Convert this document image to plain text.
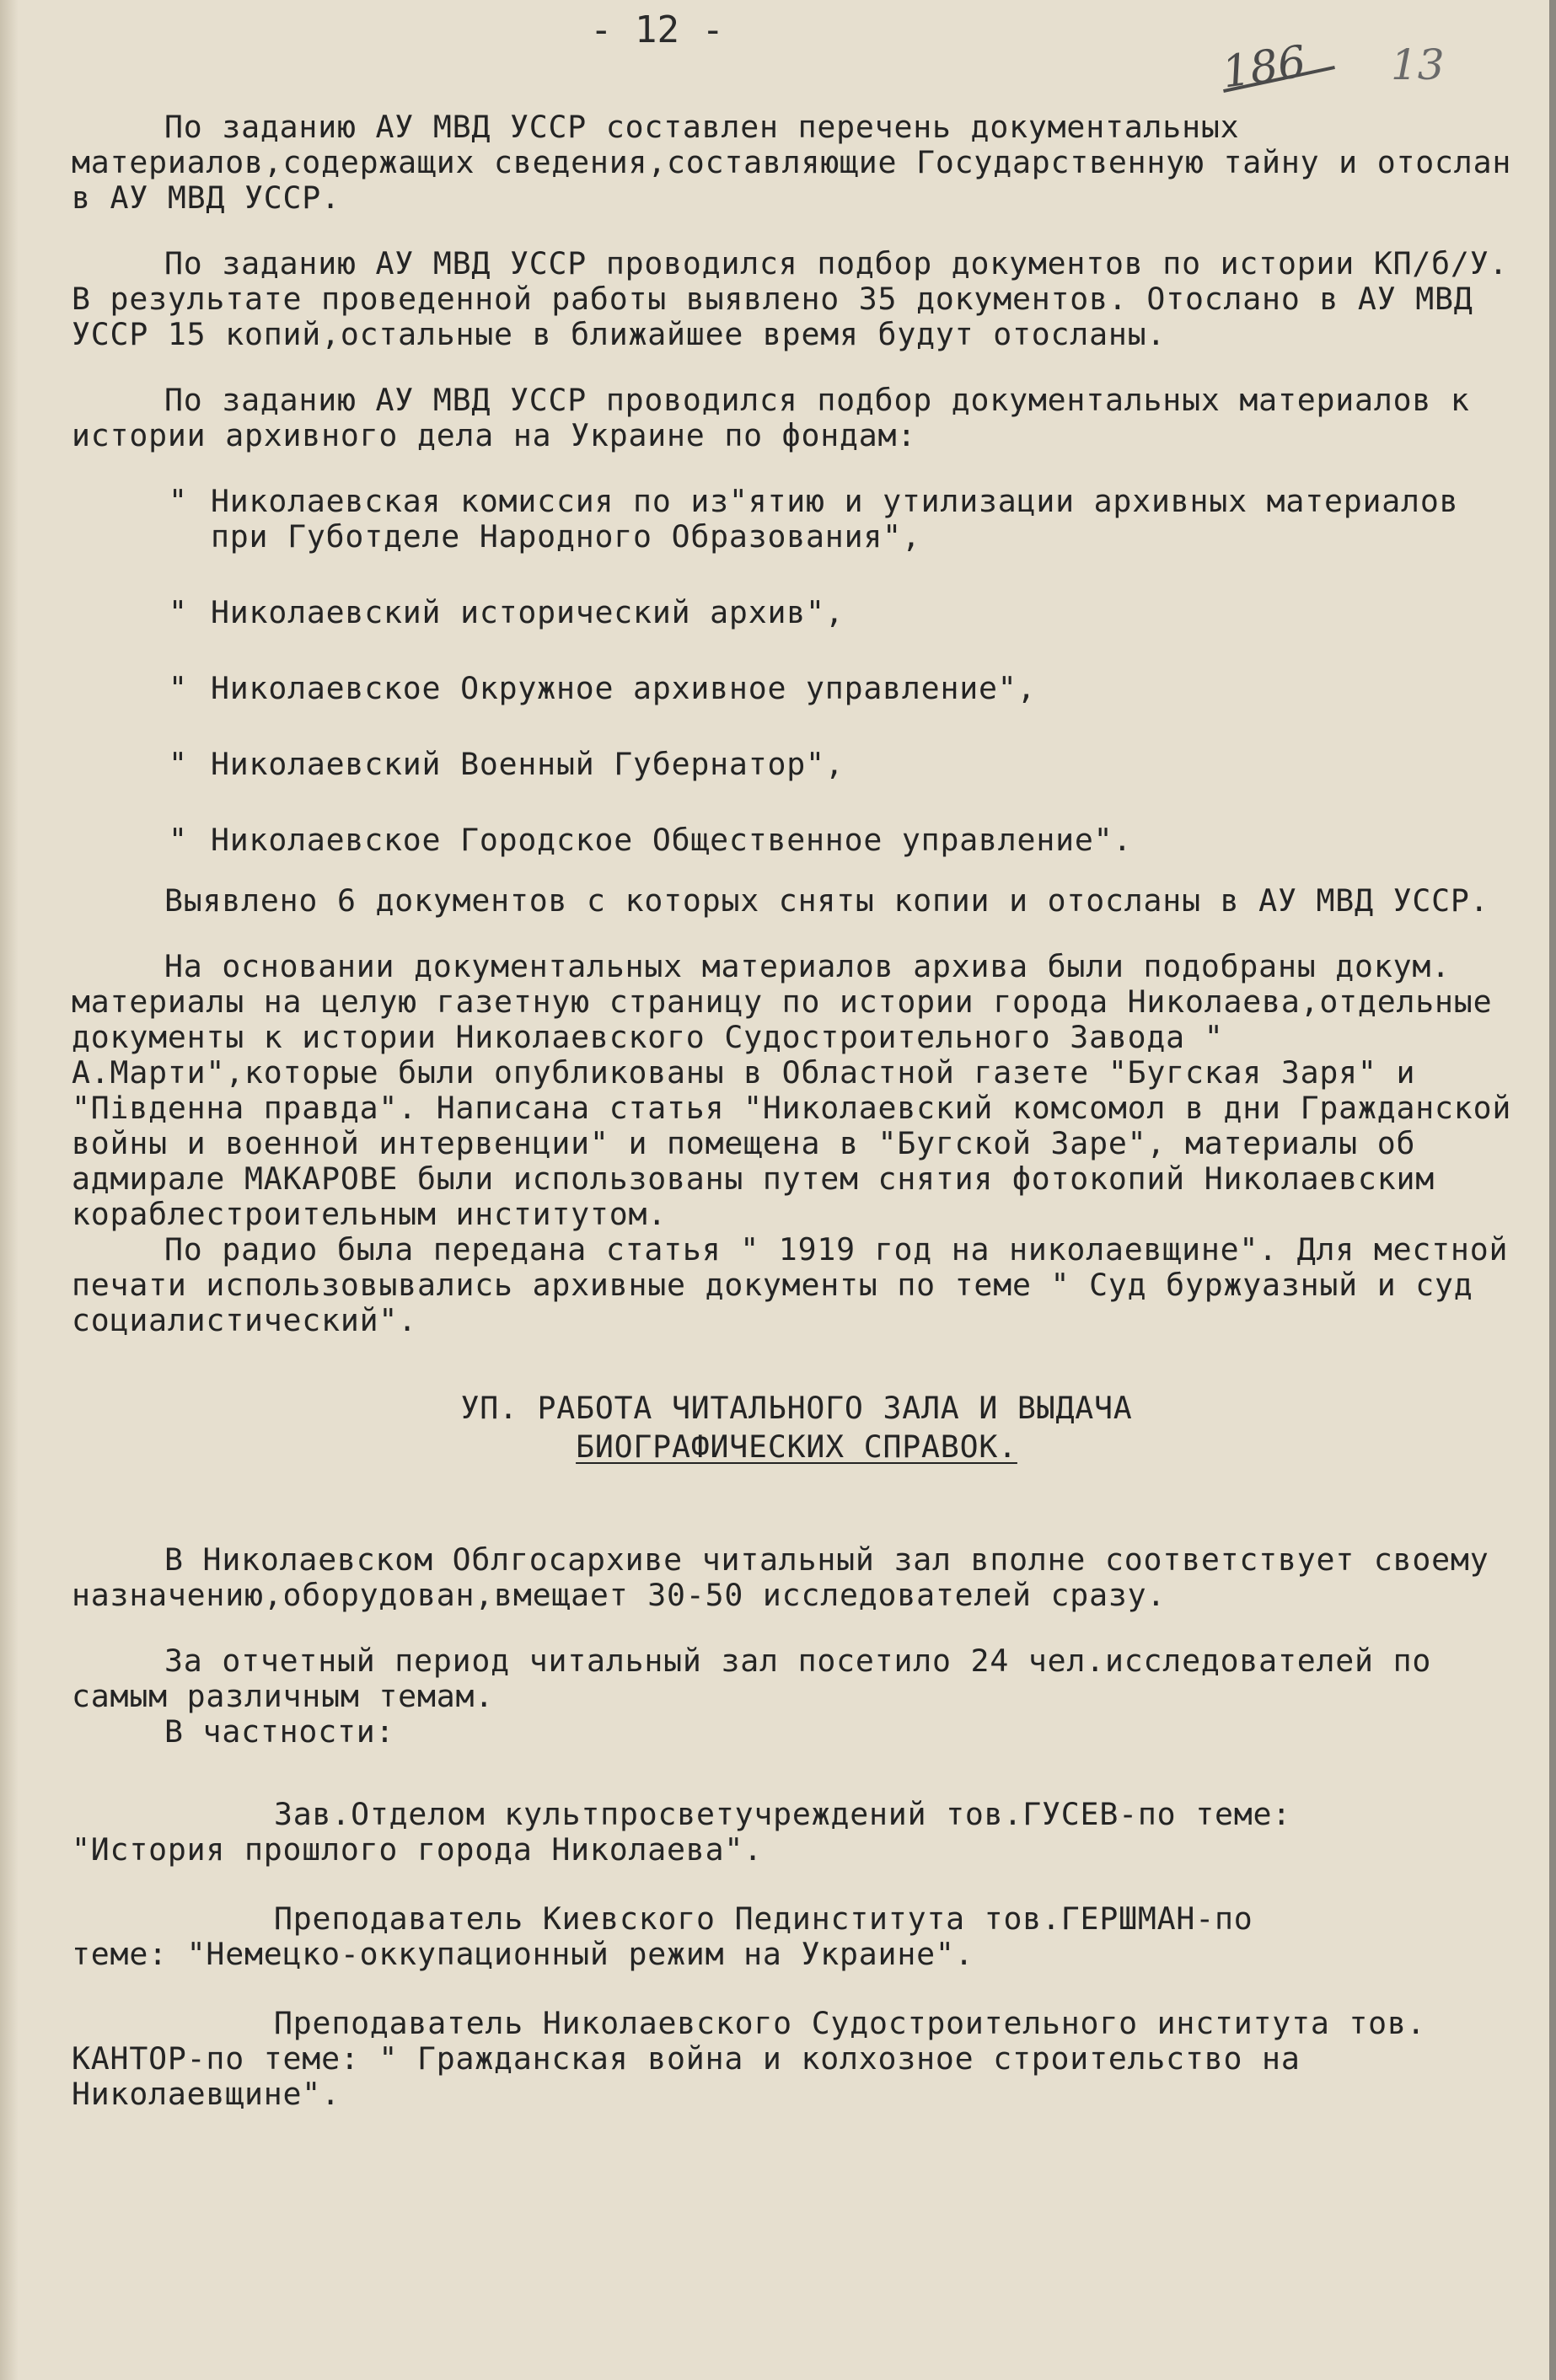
- 12 -
186 13

По заданию АУ МВД УССР составлен перечень документальных материалов,содержащих сведения,составляющие Государственную тайну и отослан в АУ МВД УССР.

По заданию АУ МВД УССР проводился подбор документов по истории КП/б/У. В результате проведенной работы выявлено 35 документов. Отослано в АУ МВД УССР 15 копий,остальные в ближайшее время будут отосланы.

По заданию АУ МВД УССР проводился подбор документальных материалов к истории архивного дела на Украине по фондам:

" Николаевская комиссия по из"ятию и утилизации архивных материалов при Губотделе Народного Образования",
" Николаевский исторический архив",
" Николаевское Окружное архивное управление",
" Николаевский Военный Губернатор",
" Николаевское Городское Общественное управление".

Выявлено 6 документов с которых сняты копии и отосланы в АУ МВД УССР.

На основании документальных материалов архива были подобраны докум. материалы на целую газетную страницу по истории города Николаева,отдельные документы к истории Николаевского Судостроительного Завода " А.Марти",которые были опубликованы в Областной газете "Бугская Заря" и "Південна правда". Написана статья "Николаевский комсомол в дни Гражданской войны и военной интервенции" и помещена в "Бугской Заре", материалы об адмирале МАКАРОВЕ были использованы путем снятия фотокопий Николаевским кораблестроительным институтом.

По радио была передана статья " 1919 год на николаевщине". Для местной печати использовывались архивные документы по теме " Суд буржуазный и суд социалистический".

УП. РАБОТА ЧИТАЛЬНОГО ЗАЛА И ВЫДАЧА
БИОГРАФИЧЕСКИХ СПРАВОК.

В Николаевском Облгосархиве читальный зал вполне соответствует своему назначению,оборудован,вмещает 30-50 исследователей сразу.

За отчетный период читальный зал посетило 24 чел.исследователей по самым различным темам.

В частности:

Зав.Отделом культпросветучреждений тов.ГУСЕВ-по теме:
"История прошлого города Николаева".
Преподаватель Киевского Пединститута тов.ГЕРШМАН-по
теме: "Немецко-оккупационный режим на Украине".
Преподаватель Николаевского Судостроительного института тов. КАНТОР-по теме: " Гражданская война и колхозное строительство на Николаевщине".
